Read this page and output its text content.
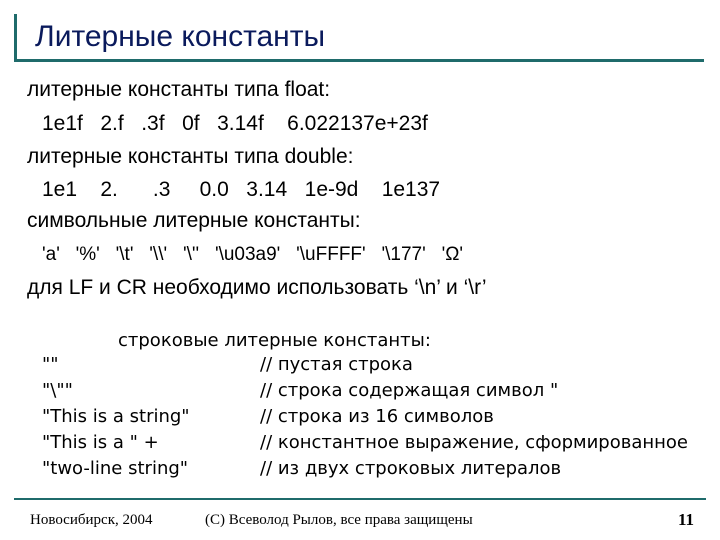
Литерные константы
литерные константы типа float:
1e1f   2.f   .3f   0f   3.14f    6.022137e+23f
литерные константы типа double:
1e1    2.      .3     0.0   3.14   1e-9d    1e137
символьные литерные константы:
'a'   '%'   '\t'   '\\'   '\''   '\u03a9'   '\uFFFF'   '\177'   'Ω'
для LF и CR необходимо использовать ‘\n’ и ‘\r’
строковые литерные константы:
""	// пустая строка
"\""	// строка содержащая символ "
"This is a string"	// строка из 16 символов
"This is a " +	// константное выражение, сформированное
"two-line string"	// из двух строковых литералов
Новосибирск, 2004	(С) Всеволод Рылов, все права защищены	11
